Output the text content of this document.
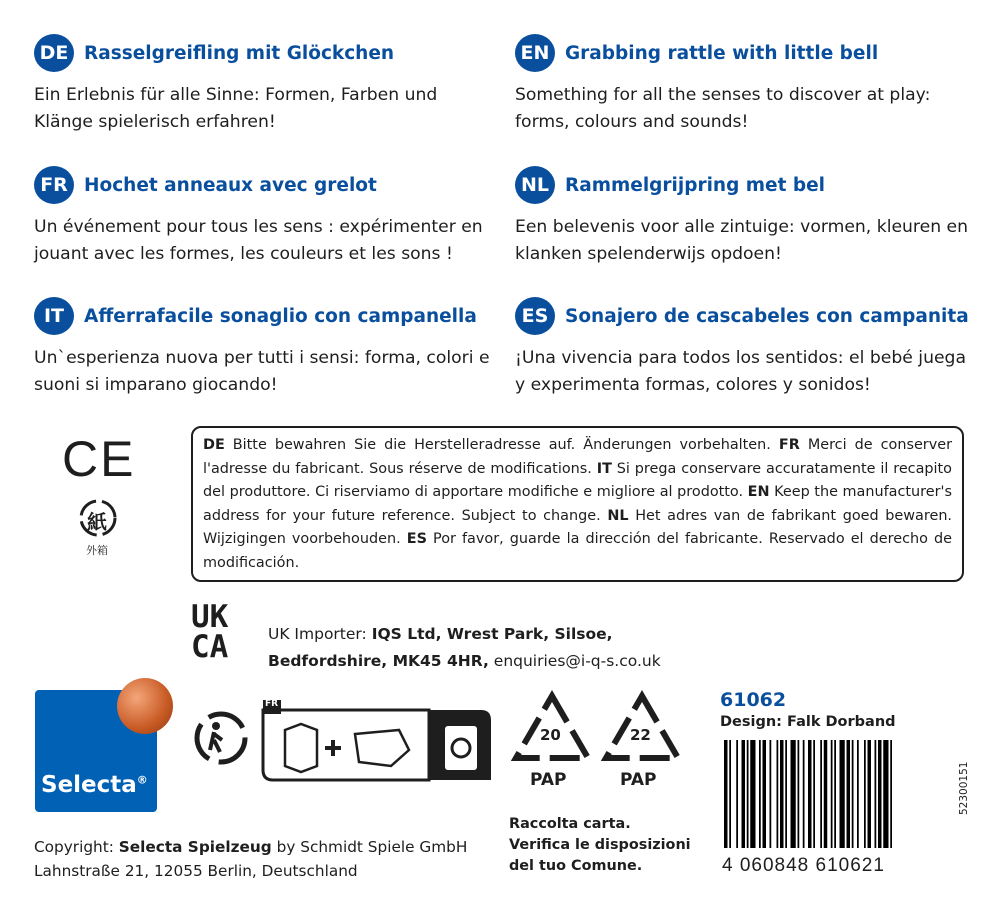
DE Rasselgreifling mit Glöckchen
Ein Erlebnis für alle Sinne: Formen, Farben und
Klänge spielerisch erfahren!
EN Grabbing rattle with little bell
Something for all the senses to discover at play:
forms, colours and sounds!
FR Hochet anneaux avec grelot
Un événement pour tous les sens : expérimenter en
jouant avec les formes, les couleurs et les sons !
NL Rammelgrijpring met bel
Een belevenis voor alle zintuige: vormen, kleuren en
klanken spelenderwijs opdoen!
IT	Afferrafacile sonaglio con campanella
Un`esperienza nuova per tutti i sensi: forma, colori e
suoni si imparano giocando!
ES Sonajero de cascabeles con campanita
¡Una vivencia para todos los sentidos: el bebé juega
y experimenta formas, colores y sonidos!
CE
紙
外箱

DE Bitte bewahren Sie die Herstelleradresse auf. Änderungen vorbehalten. FR Merci de conserver l'adresse du fabricant. Sous réserve de modifications. IT Si prega conservare accuratamente il recapito del produttore. Ci riserviamo di apportare modifiche e migliore al prodotto. EN Keep the manufacturer's address for your future reference. Subject to change. NL Het adres van de fabrikant goed bewaren. Wijzigingen voorbehouden. ES Por favor, guarde la dirección del fabricante. Reservado el derecho de modificación.

UK
CA	UK Importer: IQS Ltd, Wrest Park, Silsoe,
Bedfordshire, MK45 4HR, enquiries@i-q-s.co.uk
Selecta®
FR
20
PAP
22
PAP
Raccolta carta.
Verifica le disposizioni
del tuo Comune.
61062
Design: Falk Dorband
4 060848 610621
52300151
Copyright: Selecta Spielzeug by Schmidt Spiele GmbH
Lahnstraße 21, 12055 Berlin, Deutschland
